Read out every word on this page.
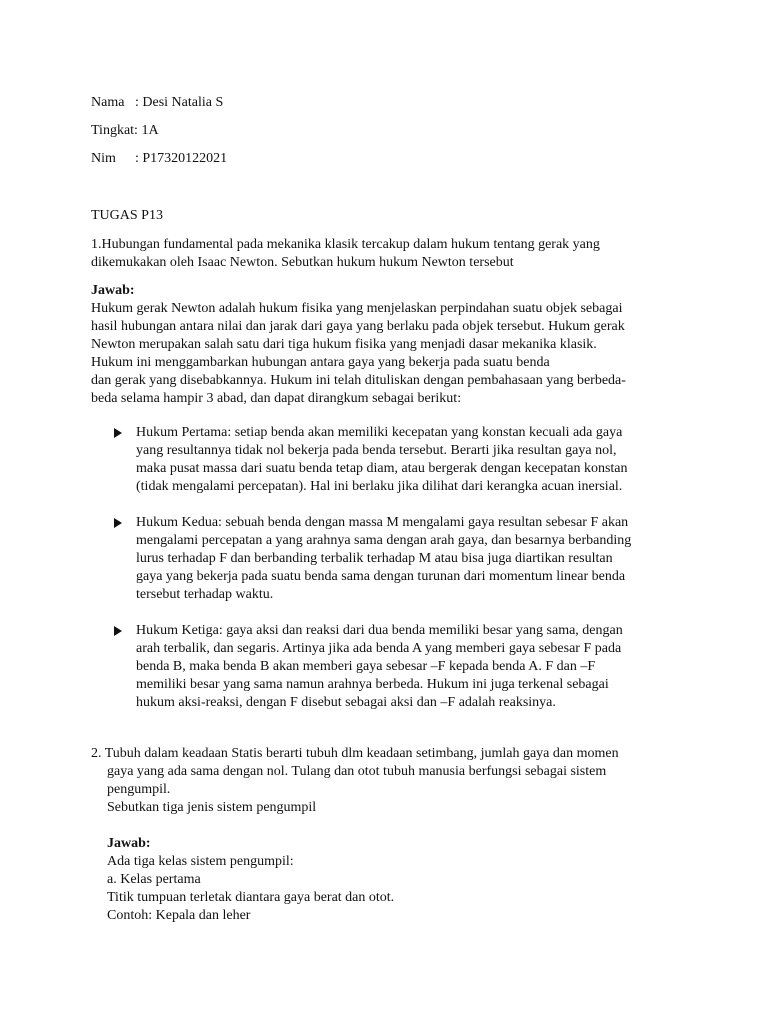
Nama : Desi Natalia S
Tingkat: 1A
Nim : P17320122021
TUGAS P13
1.Hubungan fundamental pada mekanika klasik tercakup dalam hukum tentang gerak yang
dikemukakan oleh Isaac Newton. Sebutkan hukum hukum Newton tersebut
Jawab:
Hukum gerak Newton adalah hukum fisika yang menjelaskan perpindahan suatu objek sebagai
hasil hubungan antara nilai dan jarak dari gaya yang berlaku pada objek tersebut. Hukum gerak
Newton merupakan salah satu dari tiga hukum fisika yang menjadi dasar mekanika klasik.
Hukum ini menggambarkan hubungan antara gaya yang bekerja pada suatu benda
dan gerak yang disebabkannya. Hukum ini telah dituliskan dengan pembahasaan yang berbeda-
beda selama hampir 3 abad, dan dapat dirangkum sebagai berikut:
Hukum Pertama: setiap benda akan memiliki kecepatan yang konstan kecuali ada gaya
yang resultannya tidak nol bekerja pada benda tersebut. Berarti jika resultan gaya nol,
maka pusat massa dari suatu benda tetap diam, atau bergerak dengan kecepatan konstan
(tidak mengalami percepatan). Hal ini berlaku jika dilihat dari kerangka acuan inersial.
Hukum Kedua: sebuah benda dengan massa M mengalami gaya resultan sebesar F akan
mengalami percepatan a yang arahnya sama dengan arah gaya, dan besarnya berbanding
lurus terhadap F dan berbanding terbalik terhadap M atau bisa juga diartikan resultan
gaya yang bekerja pada suatu benda sama dengan turunan dari momentum linear benda
tersebut terhadap waktu.
Hukum Ketiga: gaya aksi dan reaksi dari dua benda memiliki besar yang sama, dengan
arah terbalik, dan segaris. Artinya jika ada benda A yang memberi gaya sebesar F pada
benda B, maka benda B akan memberi gaya sebesar –F kepada benda A. F dan –F
memiliki besar yang sama namun arahnya berbeda. Hukum ini juga terkenal sebagai
hukum aksi-reaksi, dengan F disebut sebagai aksi dan –F adalah reaksinya.
2. Tubuh dalam keadaan Statis berarti tubuh dlm keadaan setimbang, jumlah gaya dan momen
gaya yang ada sama dengan nol. Tulang dan otot tubuh manusia berfungsi sebagai sistem
pengumpil.
Sebutkan tiga jenis sistem pengumpil
Jawab:
Ada tiga kelas sistem pengumpil:
a. Kelas pertama
Titik tumpuan terletak diantara gaya berat dan otot.
Contoh: Kepala dan leher
